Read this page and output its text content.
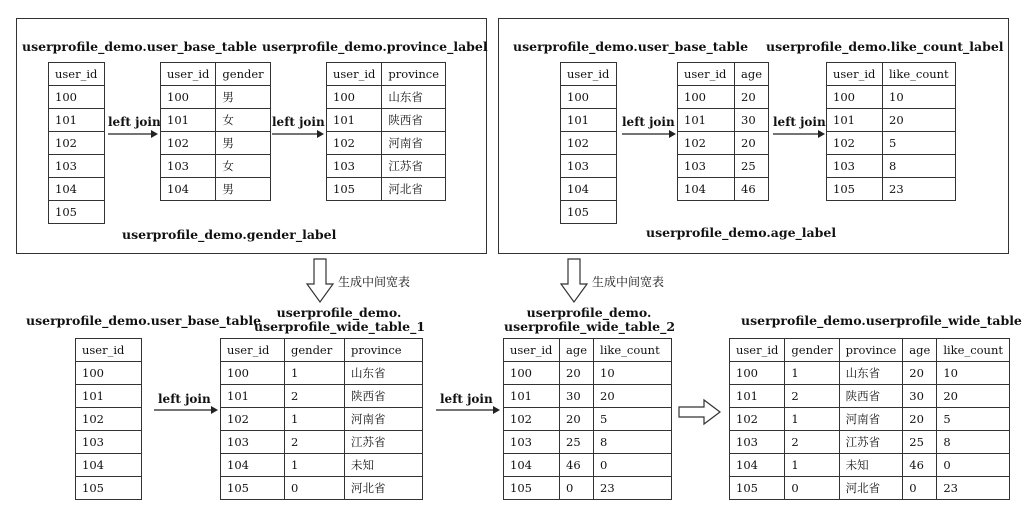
userprofile_demo.user_base_table userprofile_demo.province_label
user_id
100
101
102
103
104
105
user_id	gender
100	男
101	女
102	男
103	女
104	男
user_id	province
100	山东省
101	陕西省
102	河南省
103	江苏省
105	河北省
left join	left join
userprofile_demo.gender_label
userprofile_demo.user_base_table userprofile_demo.like_count_label
user_id
100
101
102
103
104
105
user_id	age
100	20
101	30
102	20
103	25
104	46
user_id	like_count
100	10
101	20
102	5
103	8
105	23
left join	left join
userprofile_demo.age_label
生成中间宽表	生成中间宽表
userprofile_demo.user_base_table
userprofile_demo.
userprofile_wide_table_1
userprofile_demo.
userprofile_wide_table_2	userprofile_demo.userprofile_wide_table
user_id
100
101
102
103
104
105
user_id	gender	province
100	1	山东省
101	2	陕西省
102	1	河南省
103	2	江苏省
104	1	未知
105	0	河北省
user_id	age	like_count
100	20	10
101	30	20
102	20	5
103	25	8
104	46	0
105	0	23
user_id	gender	province	age	like_count
100	1	山东省	20	10
101	2	陕西省	30	20
102	1	河南省	20	5
103	2	江苏省	25	8
104	1	未知	46	0
105	0	河北省	0	23
left join	left join
